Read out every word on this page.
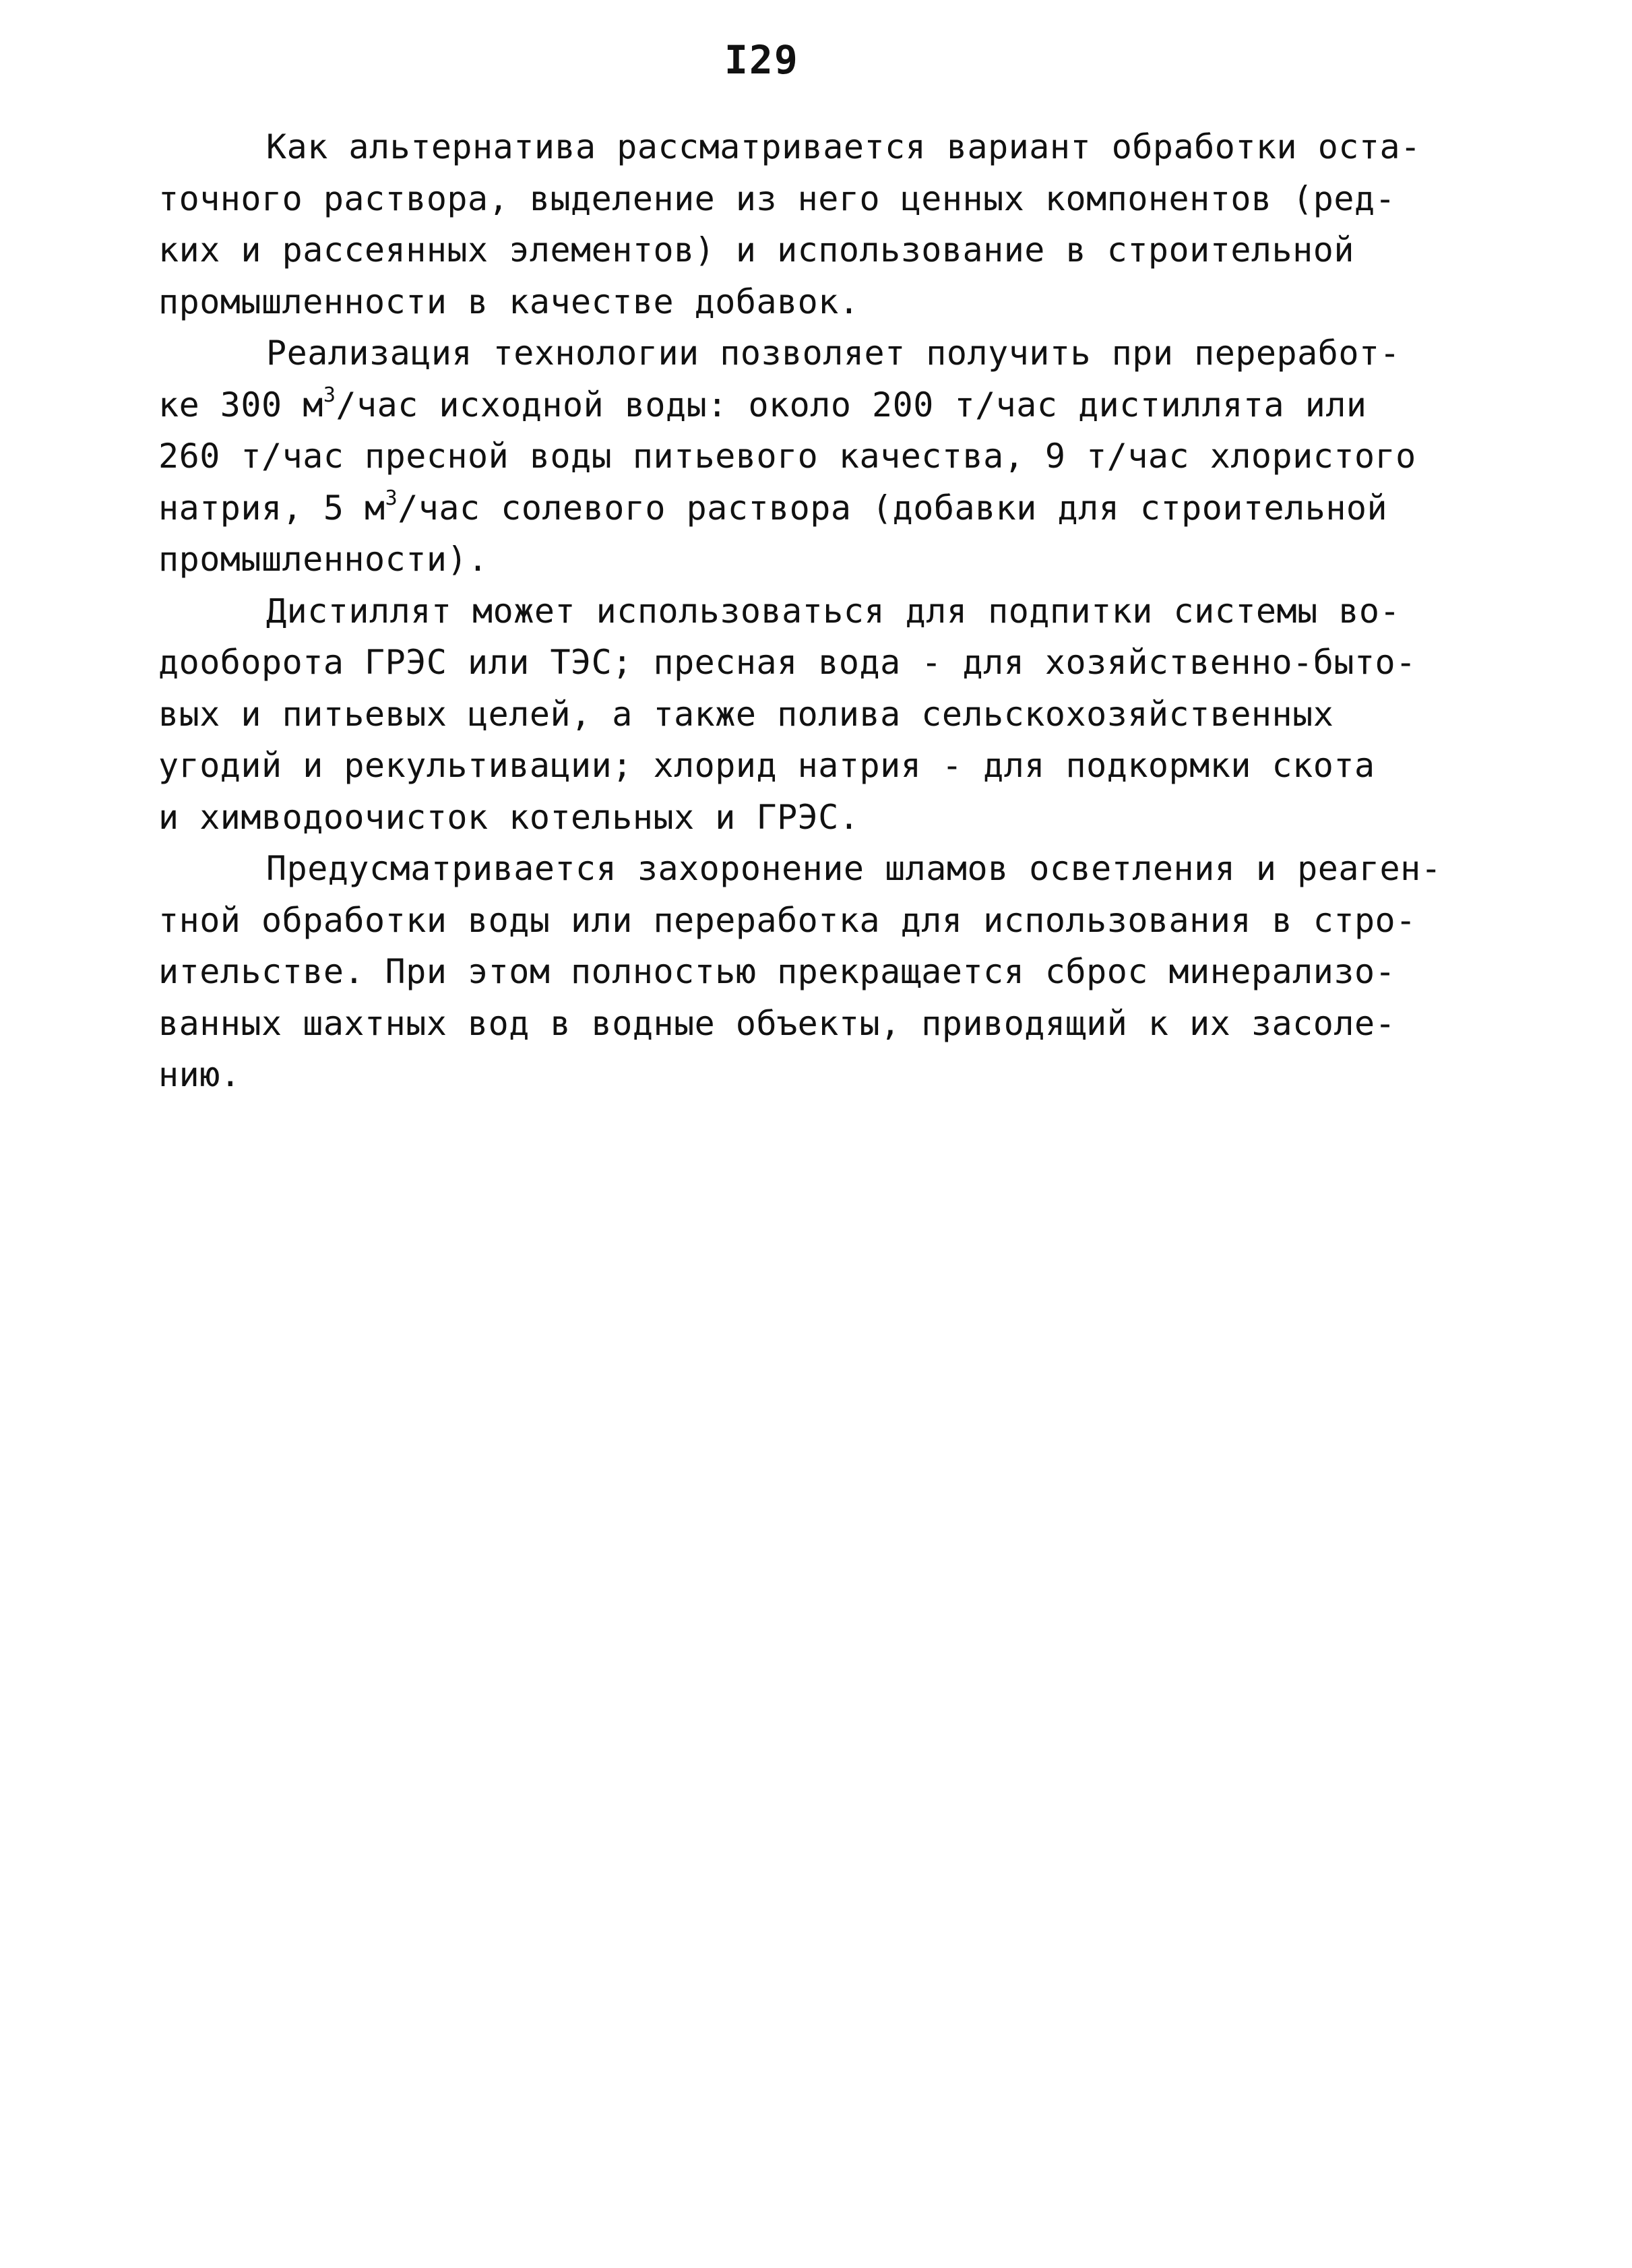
I29
Как альтернатива рассматривается вариант обработки оста-
точного раствора, выделение из него ценных компонентов (ред-
ких и рассеянных элементов) и использование в строительной
промышленности в качестве добавок.
Реализация технологии позволяет получить при переработ-
ке 300 $м^3$/час исходной воды: около 200 т/час дистиллята или
260 т/час пресной воды питьевого качества, 9 т/час хлористого
натрия, 5 $м^3$/час солевого раствора (добавки для строительной
промышленности).
Дистиллят может использоваться для подпитки системы во-
дооборота ГРЭС или ТЭС; пресная вода - для хозяйственно-быто-
вых и питьевых целей, а также полива сельскохозяйственных
угодий и рекультивации; хлорид натрия - для подкормки скота
и химводоочисток котельных и ГРЭС.
Предусматривается захоронение шламов осветления и реаген-
тной обработки воды или переработка для использования в стро-
ительстве. При этом полностью прекращается сброс минерализо-
ванных шахтных вод в водные объекты, приводящий к их засоле-
нию.
